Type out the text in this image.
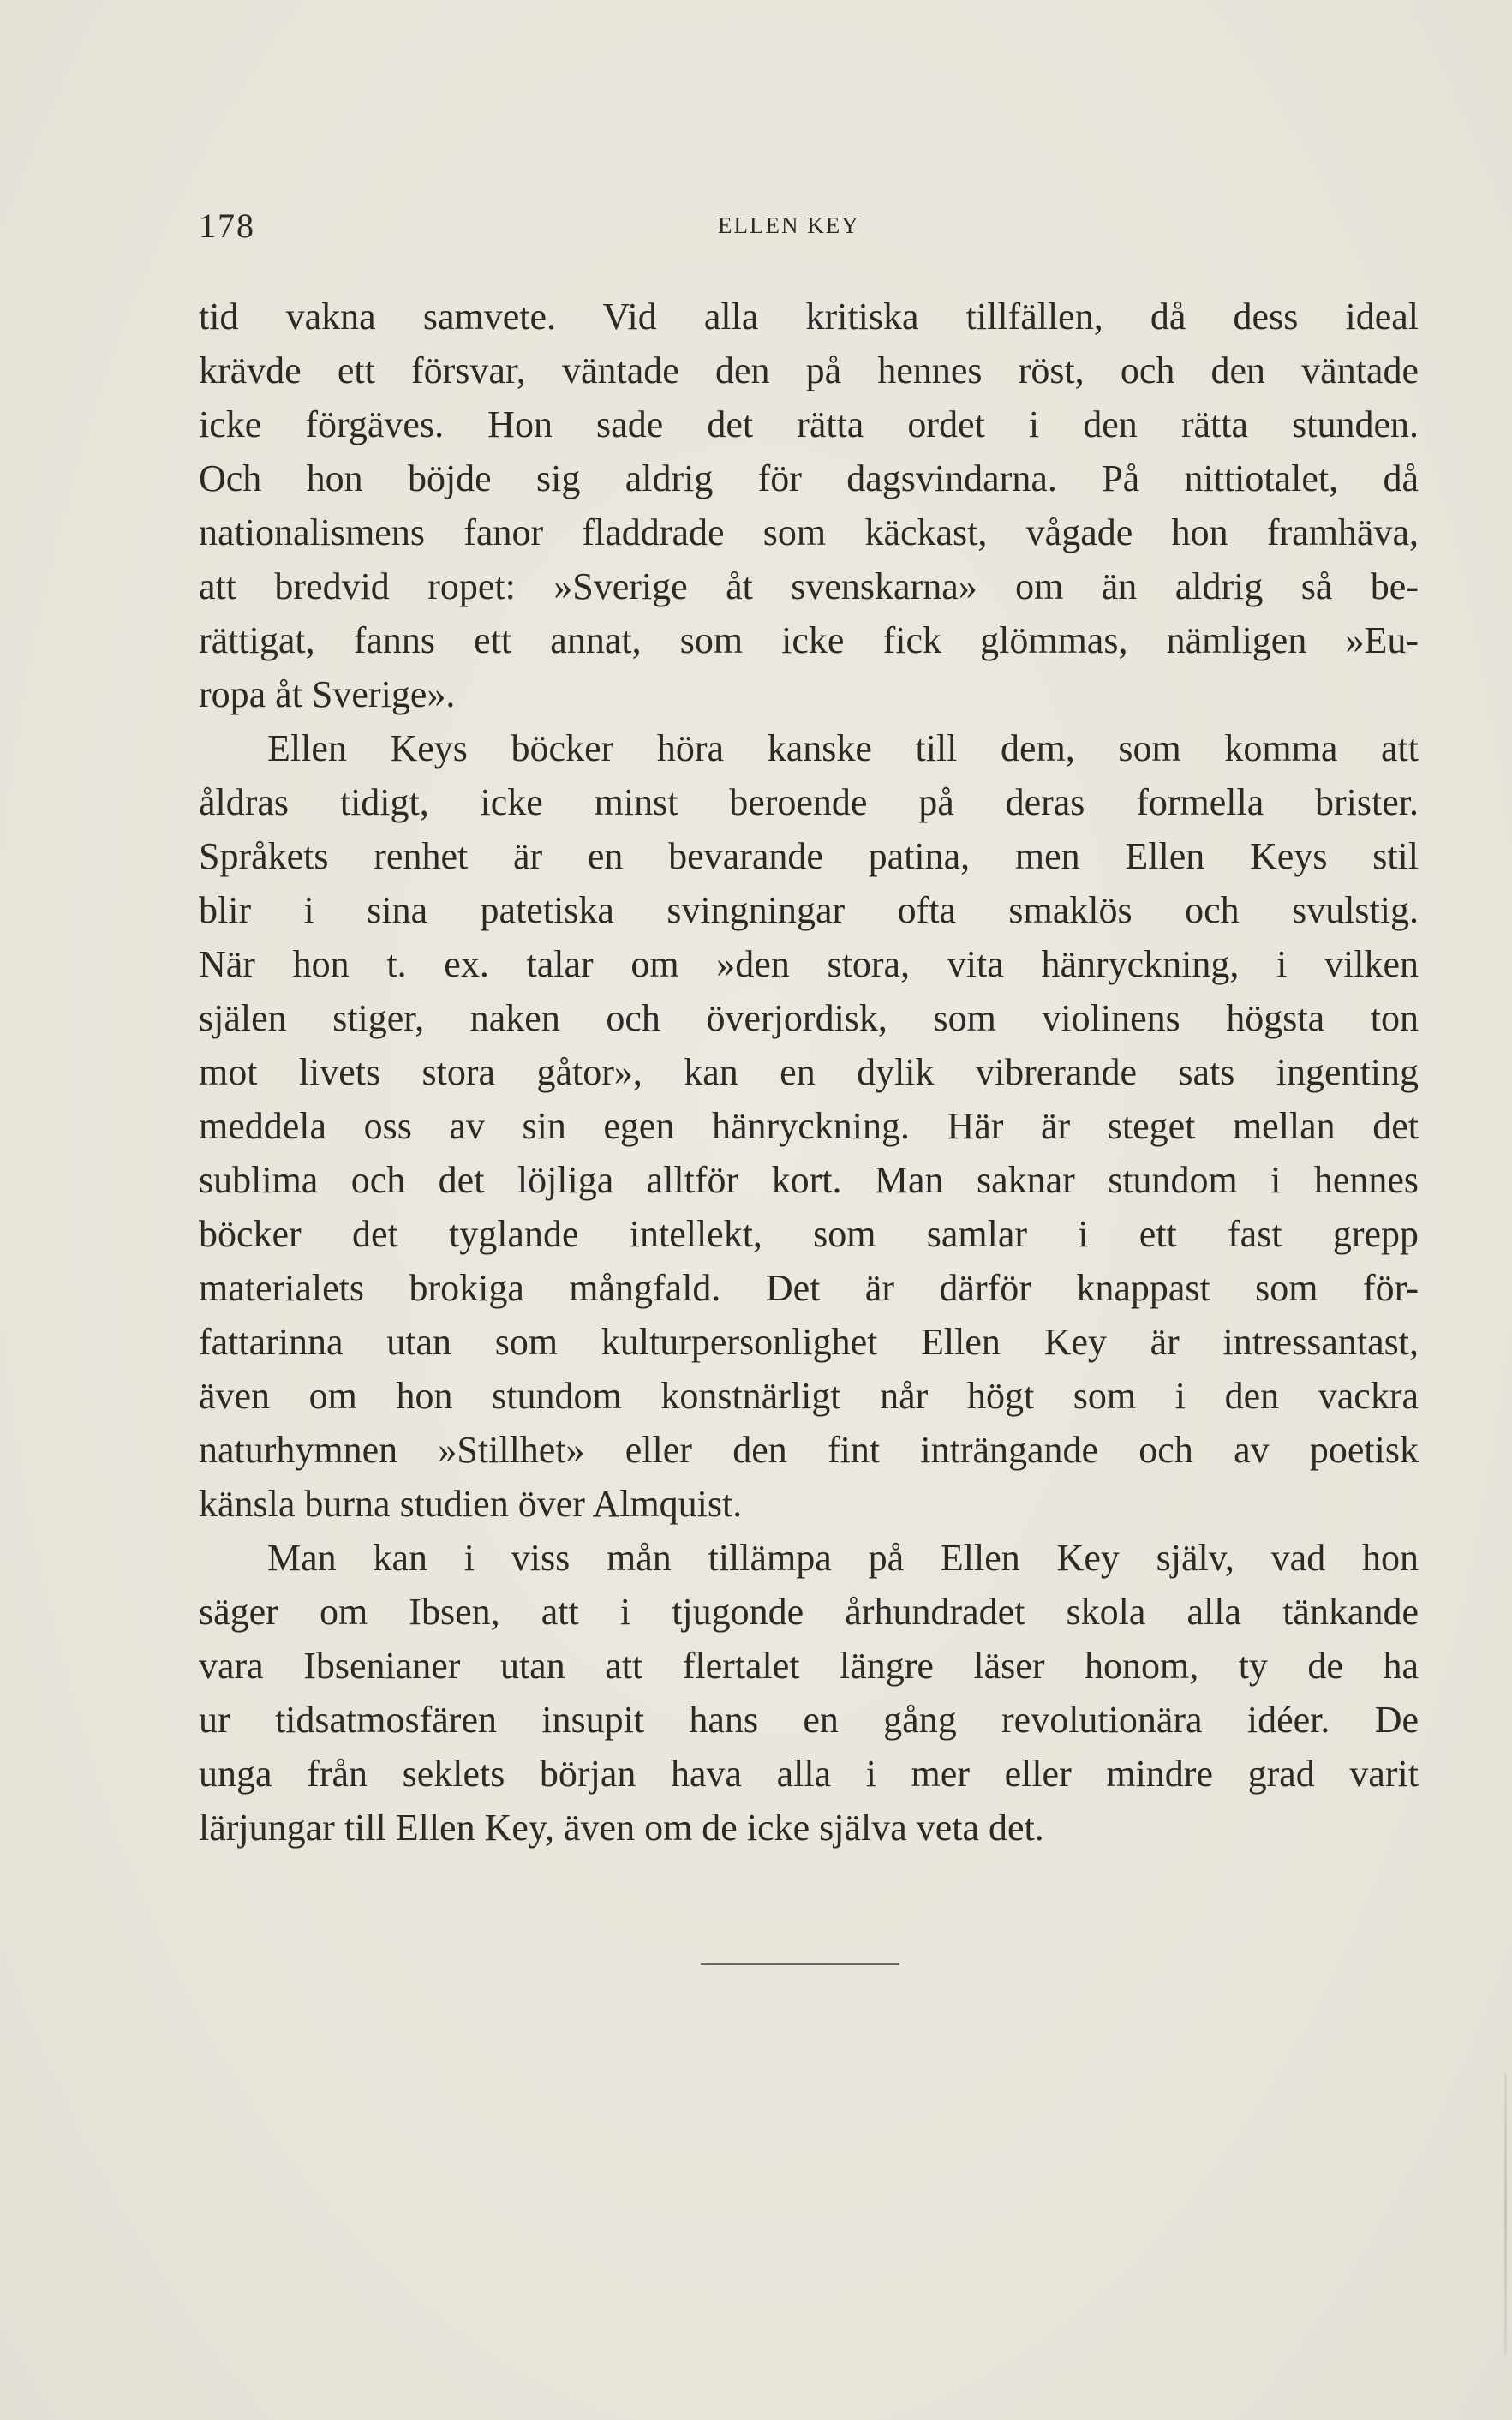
178	ELLEN KEY
tid vakna samvete. Vid alla kritiska tillfällen, då dess ideal
krävde ett försvar, väntade den på hennes röst, och den väntade
icke förgäves. Hon sade det rätta ordet i den rätta stunden.
Och hon böjde sig aldrig för dagsvindarna. På nittiotalet, då
nationalismens fanor fladdrade som käckast, vågade hon framhäva,
att bredvid ropet: »Sverige åt svenskarna» om än aldrig så be-
rättigat, fanns ett annat, som icke fick glömmas, nämligen »Eu-
ropa åt Sverige».
Ellen Keys böcker höra kanske till dem, som komma att
åldras tidigt, icke minst beroende på deras formella brister.
Språkets renhet är en bevarande patina, men Ellen Keys stil
blir i sina patetiska svingningar ofta smaklös och svulstig.
När hon t. ex. talar om »den stora, vita hänryckning, i vilken
själen stiger, naken och överjordisk, som violinens högsta ton
mot livets stora gåtor», kan en dylik vibrerande sats ingenting
meddela oss av sin egen hänryckning. Här är steget mellan det
sublima och det löjliga alltför kort. Man saknar stundom i hennes
böcker det tyglande intellekt, som samlar i ett fast grepp
materialets brokiga mångfald. Det är därför knappast som för-
fattarinna utan som kulturpersonlighet Ellen Key är intressantast,
även om hon stundom konstnärligt når högt som i den vackra
naturhymnen »Stillhet» eller den fint inträngande och av poetisk
känsla burna studien över Almquist.
Man kan i viss mån tillämpa på Ellen Key själv, vad hon
säger om Ibsen, att i tjugonde århundradet skola alla tänkande
vara Ibsenianer utan att flertalet längre läser honom, ty de ha
ur tidsatmosfären insupit hans en gång revolutionära idéer. De
unga från seklets början hava alla i mer eller mindre grad varit
lärjungar till Ellen Key, även om de icke själva veta det.
